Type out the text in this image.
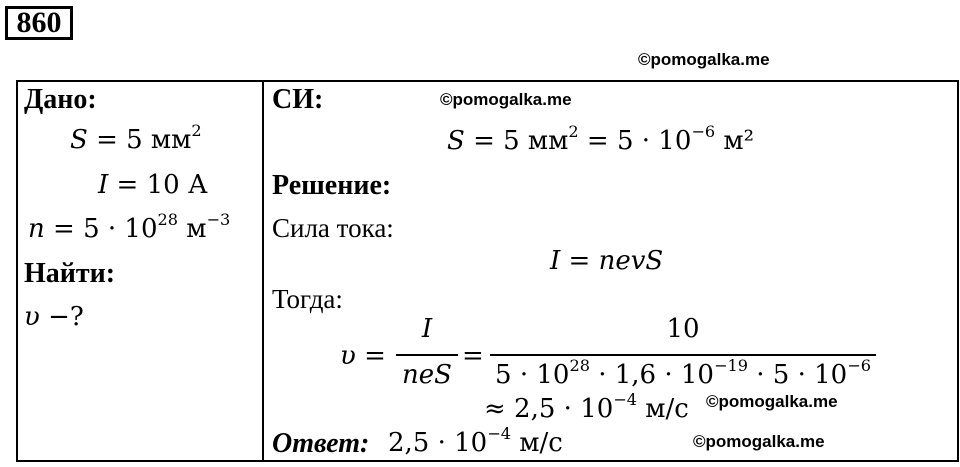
860
©pomogalka.me
©pomogalka.me
©pomogalka.me
©pomogalka.me
Дано:
S = 5 $мм^2$
I = 10 А
$n = 5 \cdot 10^{28}$ $м^{-3}$
Найти:
υ −?
СИ:
S = 5 $мм^2 = 5 \cdot 10^{-6}$ м²
Решение:
Сила тока:
I = nevS
Тогда:
υ =
I
neS
=
10
$5 \cdot 10^{28} \cdot 1,6 \cdot 10^{-19} \cdot 5 \cdot 10^{-6}$
≈ $2,5 \cdot 10^{-4}$ м/с
Ответ: $2,5 \cdot 10^{-4}$ м/с
